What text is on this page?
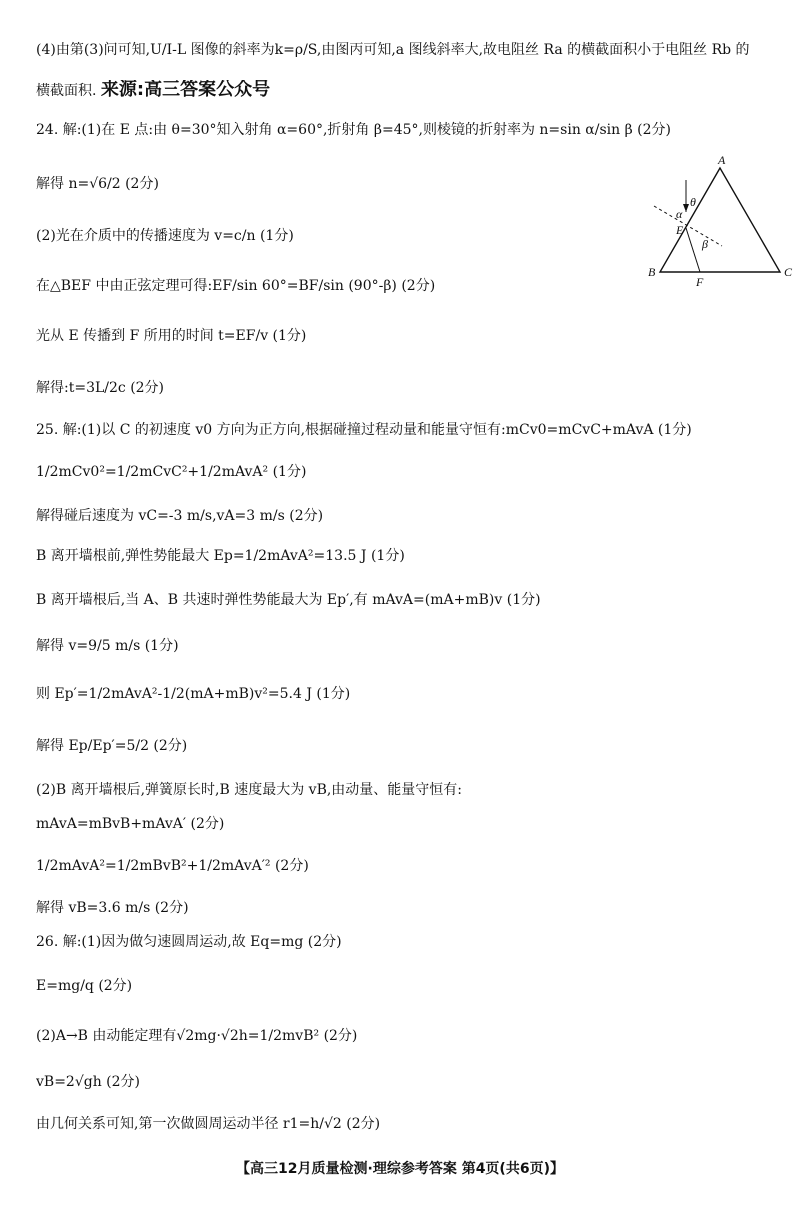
(4)由第(3)问可知,U/I-L 图像的斜率为k=ρ/S,由图丙可知,a 图线斜率大,故电阻丝 Ra 的横截面积小于电阻丝 Rb 的
横截面积. 来源:高三答案公众号
24. 解:(1)在 E 点:由 θ=30°知入射角 α=60°,折射角 β=45°,则棱镜的折射率为 n=sin α/sin β (2分)
解得 n=√6/2 (2分)
(2)光在介质中的传播速度为 v=c/n (1分)
在△BEF 中由正弦定理可得:EF/sin 60°=BF/sin (90°-β) (2分)
光从 E 传播到 F 所用的时间 t=EF/v (1分)
解得:t=3L/2c (2分)
B
A
C
E
F
θ
α
β
25. 解:(1)以 C 的初速度 v0 方向为正方向,根据碰撞过程动量和能量守恒有:mCv0=mCvC+mAvA (1分)
1/2mCv0²=1/2mCvC²+1/2mAvA² (1分)
解得碰后速度为 vC=-3 m/s,vA=3 m/s (2分)
B 离开墙根前,弹性势能最大 Ep=1/2mAvA²=13.5 J (1分)
B 离开墙根后,当 A、B 共速时弹性势能最大为 Ep′,有 mAvA=(mA+mB)v (1分)
解得 v=9/5 m/s (1分)
则 Ep′=1/2mAvA²-1/2(mA+mB)v²=5.4 J (1分)
解得 Ep/Ep′=5/2 (2分)
(2)B 离开墙根后,弹簧原长时,B 速度最大为 vB,由动量、能量守恒有:
mAvA=mBvB+mAvA′ (2分)
1/2mAvA²=1/2mBvB²+1/2mAvA′² (2分)
解得 vB=3.6 m/s (2分)
26. 解:(1)因为做匀速圆周运动,故 Eq=mg (2分)
E=mg/q (2分)
(2)A→B 由动能定理有√2mg·√2h=1/2mvB² (2分)
vB=2√gh (2分)
由几何关系可知,第一次做圆周运动半径 r1=h/√2 (2分)
【高三12月质量检测·理综参考答案 第4页(共6页)】
